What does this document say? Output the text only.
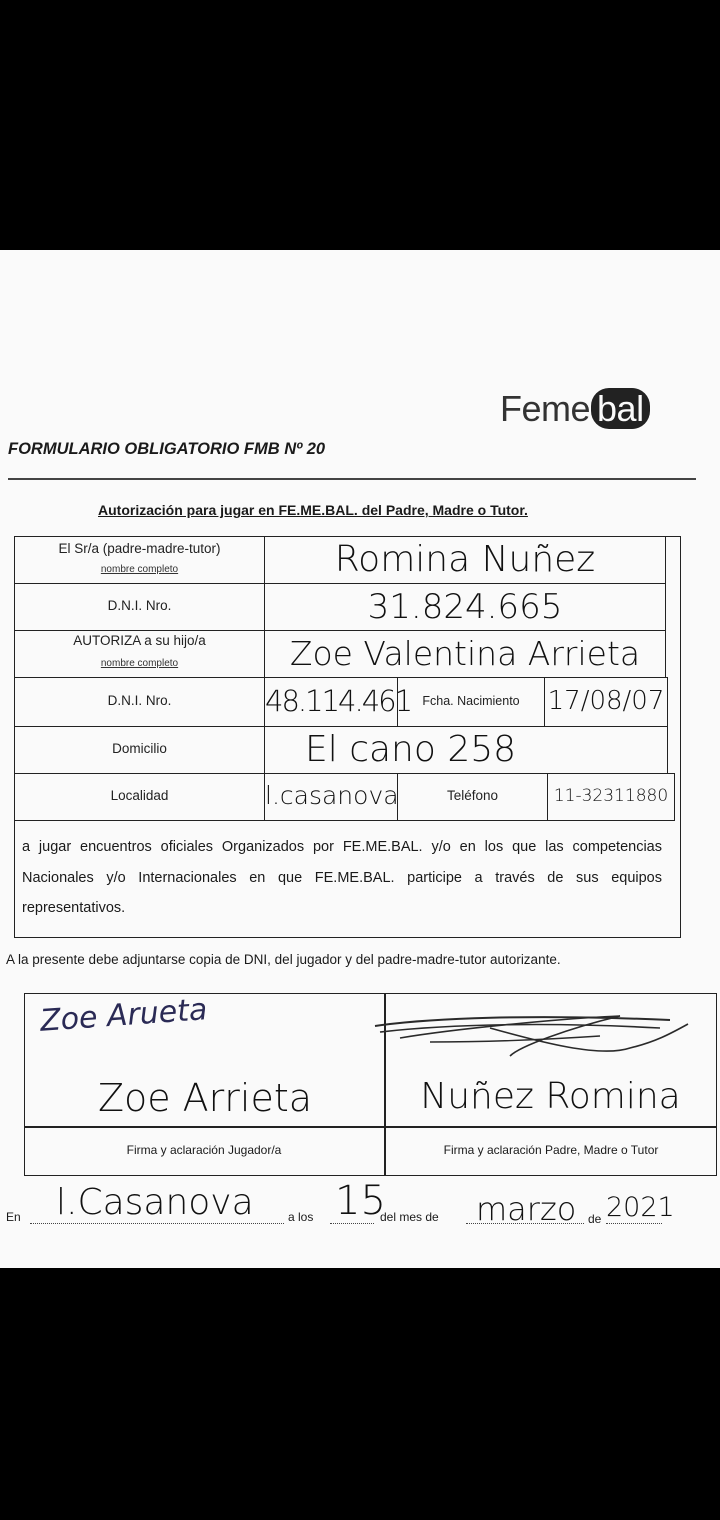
Feme bal
FORMULARIO OBLIGATORIO FMB Nº 20
Autorización para jugar en FE.ME.BAL. del Padre, Madre o Tutor.
El Sr/a (padre-madre-tutor)
nombre completo	Romina Nuñez
D.N.I. Nro.	31.824.665
AUTORIZA a su hijo/a
nombre completo	Zoe Valentina Arrieta
D.N.I. Nro.	48.114.461 Fcha. Nacimiento	17/08/07
Domicilio	El cano 258
Localidad	l.casanova	Teléfono	11-32311880
a jugar encuentros oficiales Organizados por FE.ME.BAL. y/o en los que las competencias Nacionales y/o Internacionales en que FE.ME.BAL. participe a través de sus equipos representativos.
A la presente debe adjuntarse copia de DNI, del jugador y del padre-madre-tutor autorizante.
Zoe Arueta
Zoe Arrieta	Nuñez Romina
Firma y aclaración Jugador/a	Firma y aclaración Padre, Madre o Tutor
En l.Casanova	a los 15
del mes de marzo de 2021
